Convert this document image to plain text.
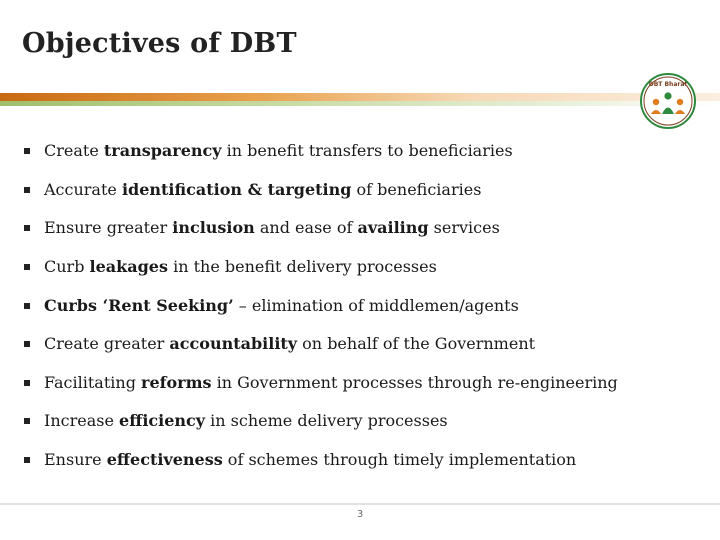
Objectives of DBT
DBT Bharat
Create transparency in benefit transfers to beneficiaries
Accurate identification & targeting of beneficiaries
Ensure greater inclusion and ease of availing services
Curb leakages in the benefit delivery processes
Curbs ‘Rent Seeking’ – elimination of middlemen/agents
Create greater accountability on behalf of the Government
Facilitating reforms in Government processes through re-engineering
Increase efficiency in scheme delivery processes
Ensure effectiveness of schemes through timely implementation
3
